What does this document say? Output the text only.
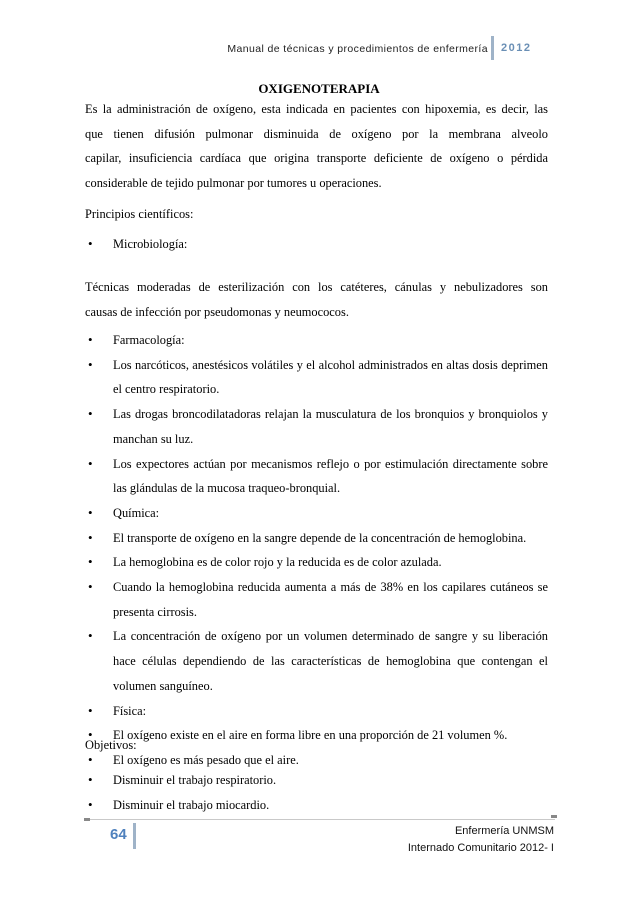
Manual de técnicas y procedimientos de enfermería 2012
OXIGENOTERAPIA
Es la administración de oxígeno, esta indicada en pacientes con hipoxemia, es decir, las
que tienen difusión pulmonar disminuida de oxígeno por la membrana alveolo
capilar, insuficiencia cardíaca que origina transporte deficiente de oxígeno o pérdida
considerable de tejido pulmonar por tumores u operaciones.
Principios científicos:
• Microbiología:
Técnicas moderadas de esterilización con los catéteres, cánulas y nebulizadores son
causas de infección por pseudomonas y neumococos.
• Farmacología:
• Los narcóticos, anestésicos volátiles y el alcohol administrados en altas dosis deprimen el centro respiratorio.
• Las drogas broncodilatadoras relajan la musculatura de los bronquios y bronquiolos y manchan su luz.
• Los expectores actúan por mecanismos reflejo o por estimulación directamente sobre las glándulas de la mucosa traqueo-bronquial.
• Química:
• El transporte de oxígeno en la sangre depende de la concentración de hemoglobina.
• La hemoglobina es de color rojo y la reducida es de color azulada.
• Cuando la hemoglobina reducida aumenta a más de 38% en los capilares cutáneos se presenta cirrosis.
• La concentración de oxígeno por un volumen determinado de sangre y su liberación hace células dependiendo de las características de hemoglobina que contengan el volumen sanguíneo.
• Física:
• El oxígeno existe en el aire en forma libre en una proporción de 21 volumen %.
• El oxígeno es más pesado que el aire.
Objetivos:
• Disminuir el trabajo respiratorio.
• Disminuir el trabajo miocardio.
64	Enfermería UNMSM
Internado Comunitario 2012- I
